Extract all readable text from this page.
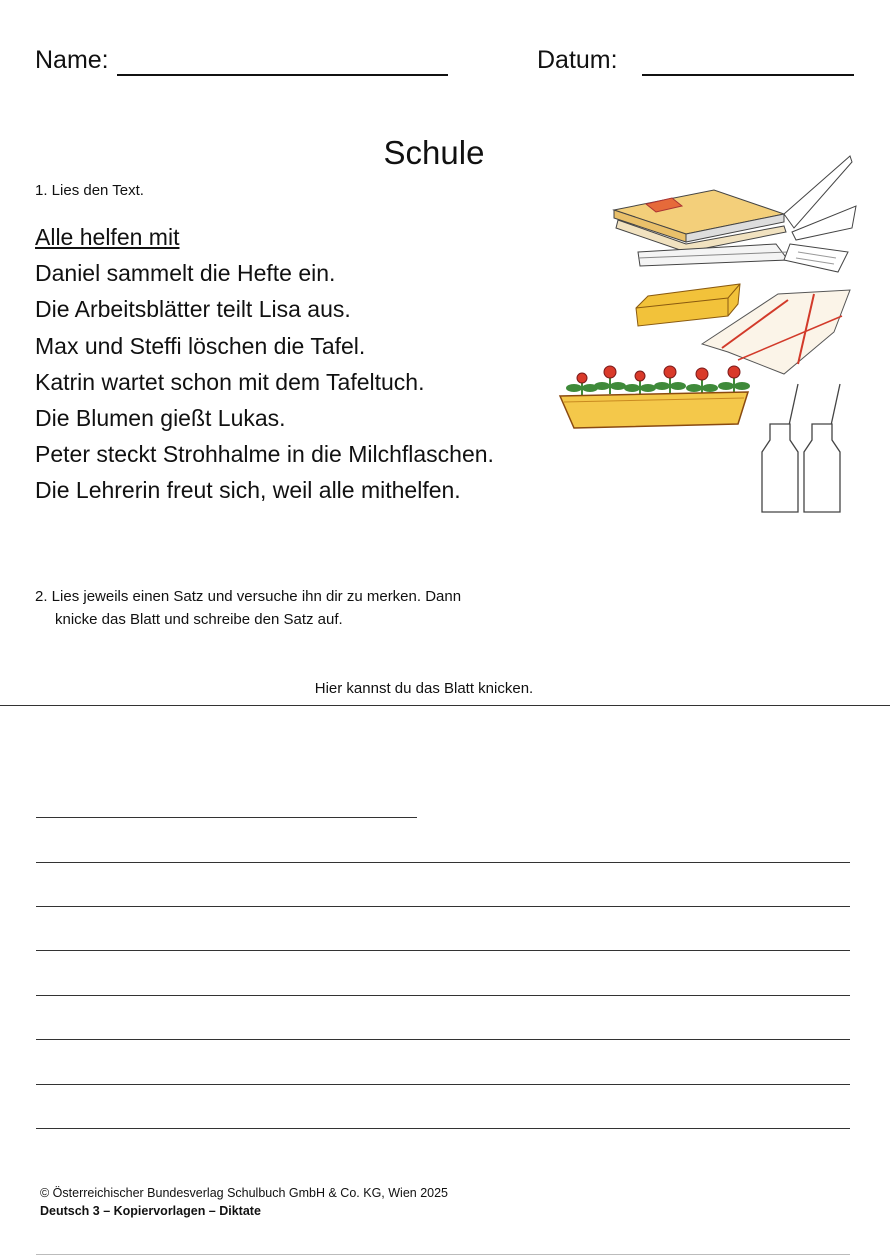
Name:	Datum:
Schule
1. Lies den Text.
Alle helfen mit
Daniel sammelt die Hefte ein.
Die Arbeitsblätter teilt Lisa aus.
Max und Steffi löschen die Tafel.
Katrin wartet schon mit dem Tafeltuch.
Die Blumen gießt Lukas.
Peter steckt Strohhalme in die Milchflaschen.
Die Lehrerin freut sich, weil alle mithelfen.
2. Lies jeweils einen Satz und versuche ihn dir zu merken. Dann
knicke das Blatt und schreibe den Satz auf.
Hier kannst du das Blatt knicken.
© Österreichischer Bundesverlag Schulbuch GmbH & Co. KG, Wien 2025
Deutsch 3 – Kopiervorlagen – Diktate
